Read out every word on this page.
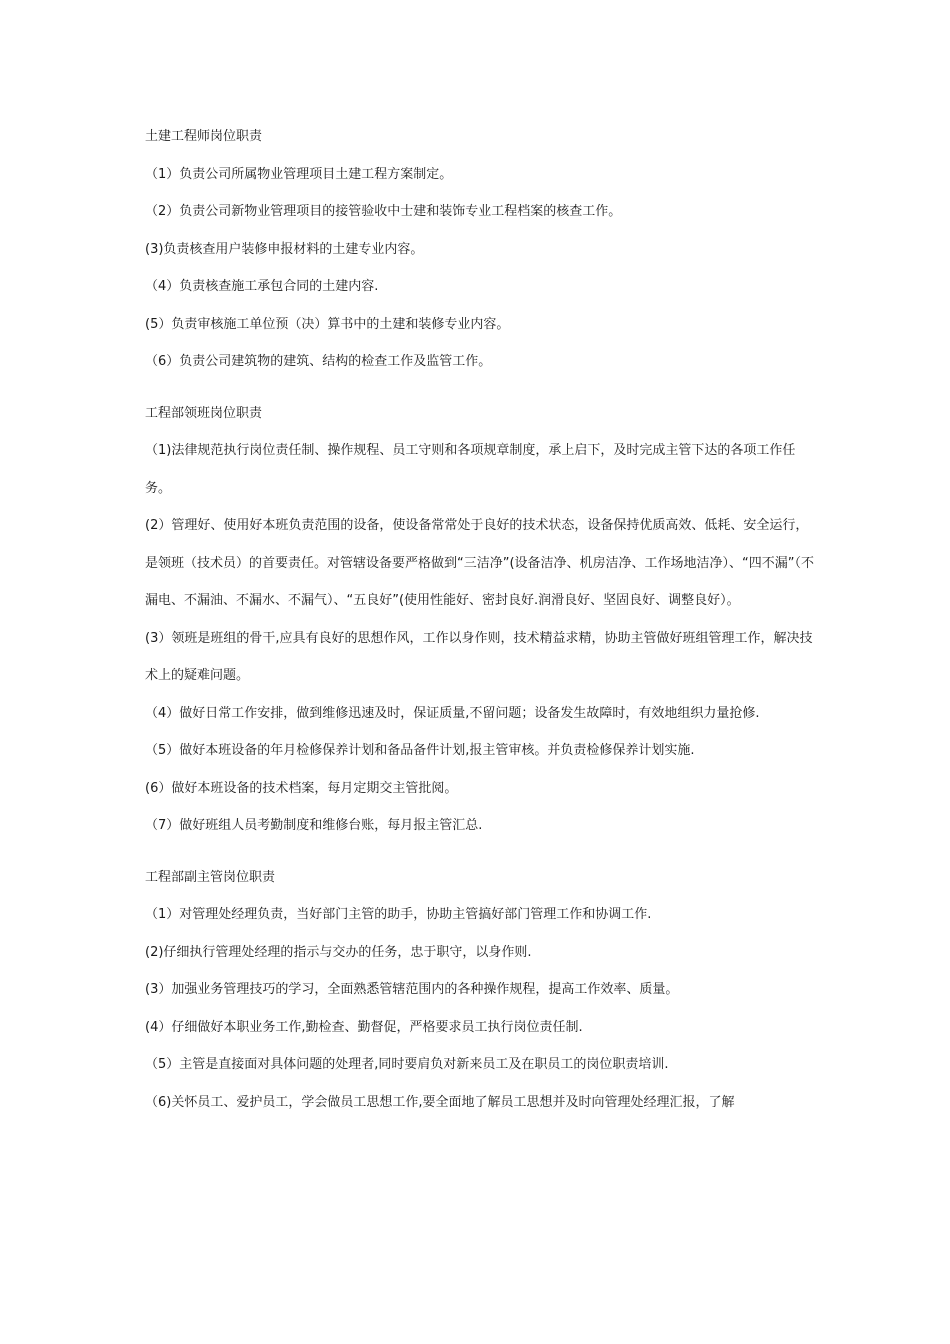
土建工程师岗位职责

（1）负责公司所属物业管理项目土建工程方案制定。

（2）负责公司新物业管理项目的接管验收中士建和装饰专业工程档案的核查工作。

(3)负责核查用户装修申报材料的土建专业内容。

（4）负责核查施工承包合同的土建内容.

(5）负责审核施工单位预（决）算书中的土建和装修专业内容。

（6）负责公司建筑物的建筑、结构的检查工作及监管工作。

工程部领班岗位职责

（1)法律规范执行岗位责任制、操作规程、员工守则和各项规章制度，承上启下，及时完成主管下达的各项工作任务。

(2）管理好、使用好本班负责范围的设备，使设备常常处于良好的技术状态，设备保持优质高效、低耗、安全运行，是领班（技术员）的首要责任。对管辖设备要严格做到“三洁净”(设备洁净、机房洁净、工作场地洁净）、“四不漏”（不漏电、不漏油、不漏水、不漏气）、“五良好”(使用性能好、密封良好.润滑良好、坚固良好、调整良好）。

(3）领班是班组的骨干,应具有良好的思想作风，工作以身作则，技术精益求精，协助主管做好班组管理工作，解决技术上的疑难问题。

（4）做好日常工作安排，做到维修迅速及时，保证质量,不留问题；设备发生故障时，有效地组织力量抢修.

（5）做好本班设备的年月检修保养计划和备品备件计划,报主管审核。并负责检修保养计划实施.

(6）做好本班设备的技术档案，每月定期交主管批阅。

（7）做好班组人员考勤制度和维修台账，每月报主管汇总.

工程部副主管岗位职责

（1）对管理处经理负责，当好部门主管的助手，协助主管搞好部门管理工作和协调工作.

(2)仔细执行管理处经理的指示与交办的任务，忠于职守，以身作则.

(3）加强业务管理技巧的学习，全面熟悉管辖范围内的各种操作规程，提高工作效率、质量。

(4）仔细做好本职业务工作,勤检查、勤督促，严格要求员工执行岗位责任制.

（5）主管是直接面对具体问题的处理者,同时要肩负对新来员工及在职员工的岗位职责培训.

（6)关怀员工、爱护员工，学会做员工思想工作,要全面地了解员工思想并及时向管理处经理汇报，了解
